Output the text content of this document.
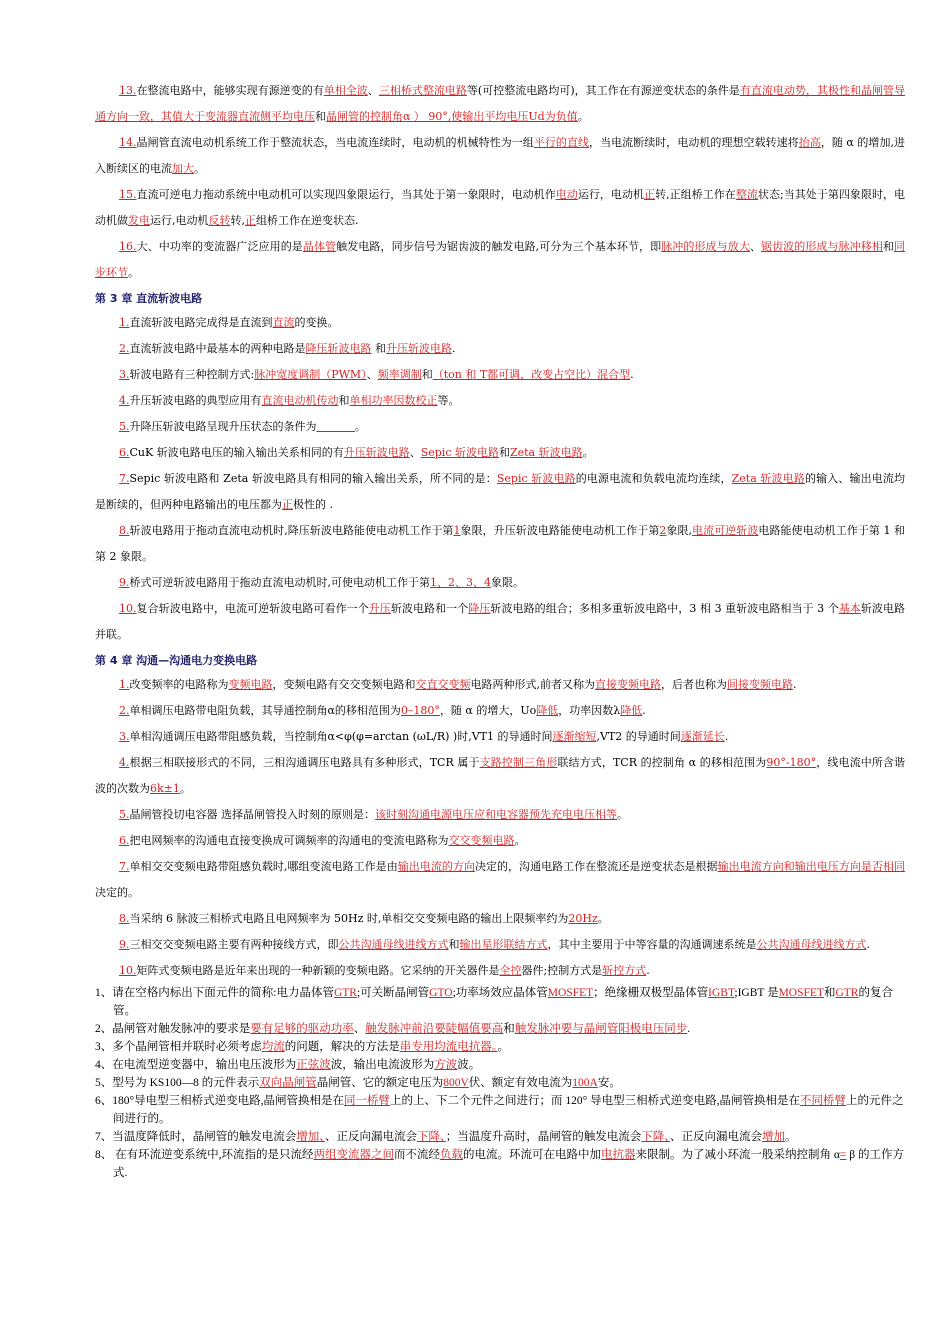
13.在整流电路中，能够实现有源逆变的有单相全波、三相桥式整流电路等(可控整流电路均可)，其工作在有源逆变状态的条件是有直流电动势，其极性和晶闸管导通方向一致，其值大于变流器直流侧平均电压和晶闸管的控制角α ） 90°,使输出平均电压Ud为负值。

14.晶闸管直流电动机系统工作于整流状态，当电流连续时，电动机的机械特性为一组平行的直线，当电流断续时，电动机的理想空载转速将抬高，随 α 的增加,进入断续区的电流加大。

15.直流可逆电力拖动系统中电动机可以实现四象限运行，当其处于第一象限时，电动机作电动运行，电动机正转,正组桥工作在整流状态;当其处于第四象限时，电动机做发电运行,电动机反转转,正组桥工作在逆变状态.

16.大、中功率的变流器广泛应用的是晶体管触发电路，同步信号为锯齿波的触发电路,可分为三个基本环节，即脉冲的形成与放大、锯齿波的形成与脉冲移相和同步环节。

第 3 章 直流斩波电路

1.直流斩波电路完成得是直流到直流的变换。

2.直流斩波电路中最基本的两种电路是降压斩波电路 和升压斩波电路.

3.斩波电路有三种控制方式:脉冲宽度调制（PWM）、频率调制和（ton 和 T都可调，改变占空比）混合型.

4.升压斩波电路的典型应用有直流电动机传动和单相功率因数校正等。

5.升降压斩波电路呈现升压状态的条件为	。

6.CuK 斩波电路电压的输入输出关系相同的有升压斩波电路、Sepic 斩波电路和Zeta 斩波电路。

7.Sepic 斩波电路和 Zeta 斩波电路具有相同的输入输出关系，所不同的是：Sepic 斩波电路的电源电流和负载电流均连续，Zeta 斩波电路的输入、输出电流均是断续的，但两种电路输出的电压都为正极性的 .

8.斩波电路用于拖动直流电动机时,降压斩波电路能使电动机工作于第1象限，升压斩波电路能使电动机工作于第2象限,电流可逆斩波电路能使电动机工作于第 1 和第 2 象限。

9.桥式可逆斩波电路用于拖动直流电动机时,可使电动机工作于第1、2、3、4象限。

10.复合斩波电路中，电流可逆斩波电路可看作一个升压斩波电路和一个降压斩波电路的组合；多相多重斩波电路中，3 相 3 重斩波电路相当于 3 个基本斩波电路并联。

第 4 章 沟通—沟通电力变换电路

1.改变频率的电路称为变频电路，变频电路有交交变频电路和交直交变频电路两种形式,前者又称为直接变频电路，后者也称为间接变频电路.

2.单相调压电路带电阻负载，其导通控制角α的移相范围为0–180°，随 α 的增大，Uo降低，功率因数λ降低.

3.单相沟通调压电路带阻感负载，当控制角α<φ(φ=arctan (ωL/R) )时,VT1 的导通时间逐渐缩短,VT2 的导通时间逐渐延长.

4.根据三相联接形式的不同，三相沟通调压电路具有多种形式，TCR 属于支路控制三角形联结方式，TCR 的控制角 α 的移相范围为90°-180°，线电流中所含谐波的次数为6k±1。

5.晶闸管投切电容器 选择晶闸管投入时刻的原则是：该时刻沟通电源电压应和电容器预先充电电压相等。

6.把电网频率的沟通电直接变换成可调频率的沟通电的变流电路称为交交变频电路。

7.单相交交变频电路带阻感负载时,哪组变流电路工作是由输出电流的方向决定的，沟通电路工作在整流还是逆变状态是根据输出电流方向和输出电压方向是否相同决定的。

8.当采纳 6 脉波三相桥式电路且电网频率为 50Hz 时,单相交交变频电路的输出上限频率约为20Hz。

9.三相交交变频电路主要有两种接线方式，即公共沟通母线进线方式和输出星形联结方式，其中主要用于中等容量的沟通调速系统是公共沟通母线进线方式.

10.矩阵式变频电路是近年来出现的一种新颖的变频电路。它采纳的开关器件是全控器件;控制方式是斩控方式.

1、请在空格内标出下面元件的简称:电力晶体管GTR;可关断晶闸管GTO;功率场效应晶体管MOSFET；绝缘栅双极型晶体管IGBT;IGBT 是MOSFET和GTR的复合管。

2、晶闸管对触发脉冲的要求是要有足够的驱动功率、触发脉冲前沿要陡幅值要高和触发脉冲要与晶闸管阳极电压同步.

3、多个晶闸管相并联时必须考虑均流的问题，解决的方法是串专用均流电抗器。。

4、在电流型逆变器中，输出电压波形为正弦波波，输出电流波形为方波波。

5、型号为 KS100—8 的元件表示双向晶闸管晶闸管、它的额定电压为800V伏、额定有效电流为100A安。

6、180°导电型三相桥式逆变电路,晶闸管换相是在同一桥臂上的上、下二个元件之间进行；而 120° 导电型三相桥式逆变电路,晶闸管换相是在不同桥臂上的元件之间进行的。

7、当温度降低时，晶闸管的触发电流会增加、、正反向漏电流会下降、；当温度升高时，晶闸管的触发电流会下降、、正反向漏电流会增加。

8、 在有环流逆变系统中,环流指的是只流经两组变流器之间而不流经负载的电流。环流可在电路中加电抗器来限制。为了减小环流一般采纳控制角 α= β 的工作方式.
